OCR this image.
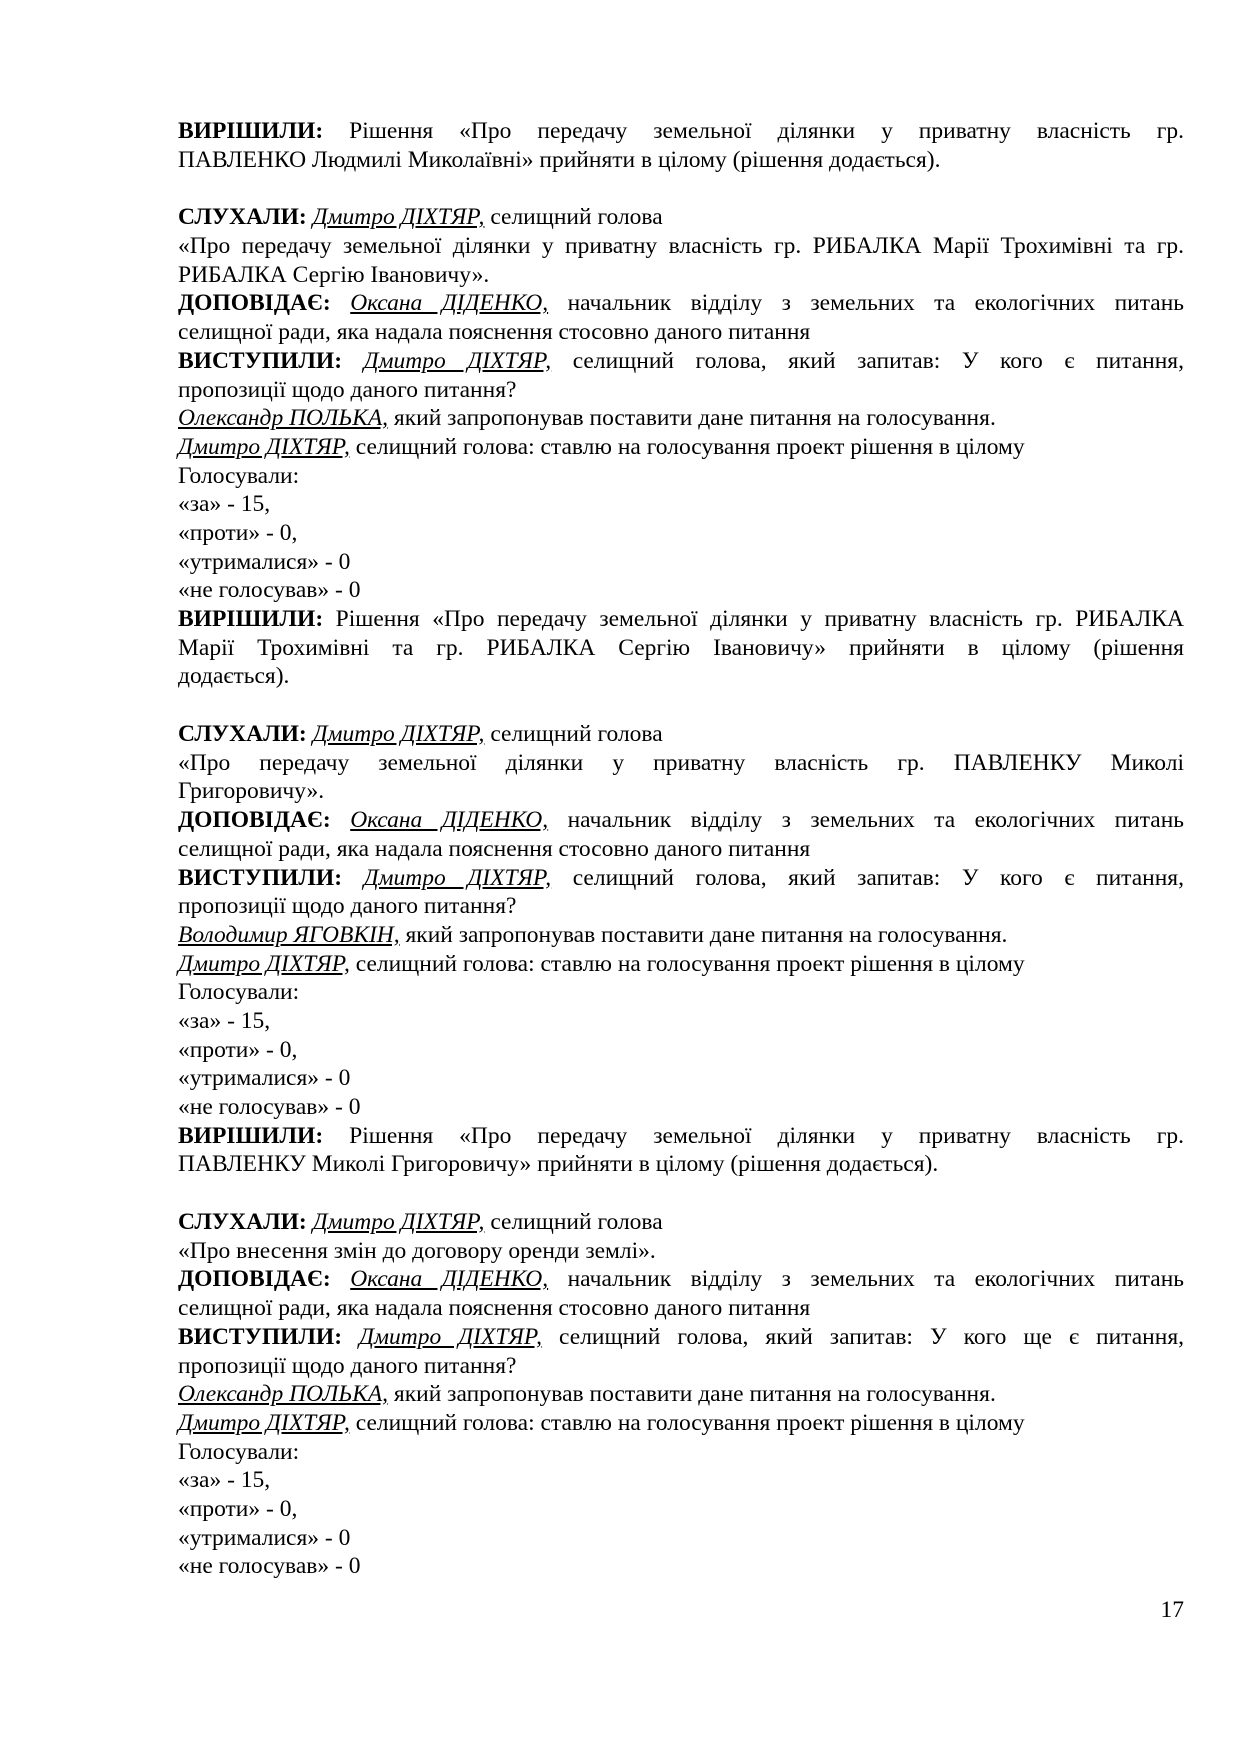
ВИРІШИЛИ: Рішення «Про передачу земельної ділянки у приватну власність гр.
ПАВЛЕНКО Людмилі Миколаївні» прийняти в цілому (рішення додається).
СЛУХАЛИ: Дмитро ДІХТЯР, селищний голова
«Про передачу земельної ділянки у приватну власність гр. РИБАЛКА Марії Трохимівні та гр.
РИБАЛКА Сергію Івановичу».
ДОПОВІДАЄ: Оксана ДІДЕНКО, начальник відділу з земельних та екологічних питань
селищної ради, яка надала пояснення стосовно даного питання
ВИСТУПИЛИ: Дмитро ДІХТЯР, селищний голова, який запитав: У кого є питання,
пропозиції щодо даного питання?
Олександр ПОЛЬКА, який запропонував поставити дане питання на голосування.
Дмитро ДІХТЯР, селищний голова: ставлю на голосування проект рішення в цілому
Голосували:
«за» - 15,
«проти» - 0,
«утрималися» - 0
«не голосував» - 0
ВИРІШИЛИ: Рішення «Про передачу земельної ділянки у приватну власність гр. РИБАЛКА
Марії Трохимівні та гр. РИБАЛКА Сергію Івановичу» прийняти в цілому (рішення
додається).
СЛУХАЛИ: Дмитро ДІХТЯР, селищний голова
«Про передачу земельної ділянки у приватну власність гр. ПАВЛЕНКУ Миколі
Григоровичу».
ДОПОВІДАЄ: Оксана ДІДЕНКО, начальник відділу з земельних та екологічних питань
селищної ради, яка надала пояснення стосовно даного питання
ВИСТУПИЛИ: Дмитро ДІХТЯР, селищний голова, який запитав: У кого є питання,
пропозиції щодо даного питання?
Володимир ЯГОВКІН, який запропонував поставити дане питання на голосування.
Дмитро ДІХТЯР, селищний голова: ставлю на голосування проект рішення в цілому
Голосували:
«за» - 15,
«проти» - 0,
«утрималися» - 0
«не голосував» - 0
ВИРІШИЛИ: Рішення «Про передачу земельної ділянки у приватну власність гр.
ПАВЛЕНКУ Миколі Григоровичу» прийняти в цілому (рішення додається).
СЛУХАЛИ: Дмитро ДІХТЯР, селищний голова
«Про внесення змін до договору оренди землі».
ДОПОВІДАЄ: Оксана ДІДЕНКО, начальник відділу з земельних та екологічних питань
селищної ради, яка надала пояснення стосовно даного питання
ВИСТУПИЛИ: Дмитро ДІХТЯР, селищний голова, який запитав: У кого ще є питання,
пропозиції щодо даного питання?
Олександр ПОЛЬКА, який запропонував поставити дане питання на голосування.
Дмитро ДІХТЯР, селищний голова: ставлю на голосування проект рішення в цілому
Голосували:
«за» - 15,
«проти» - 0,
«утрималися» - 0
«не голосував» - 0
17
